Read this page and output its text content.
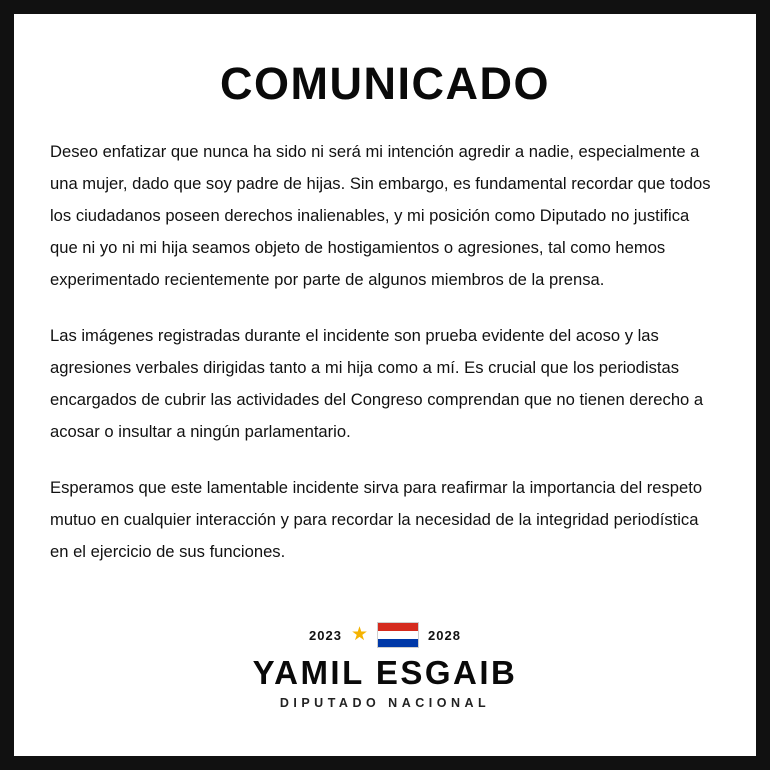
COMUNICADO

Deseo enfatizar que nunca ha sido ni será mi intención agredir a nadie, especialmente a una mujer, dado que soy padre de hijas. Sin embargo, es fundamental recordar que todos los ciudadanos poseen derechos inalienables, y mi posición como Diputado no justifica que ni yo ni mi hija seamos objeto de hostigamientos o agresiones, tal como hemos experimentado recientemente por parte de algunos miembros de la prensa.

Las imágenes registradas durante el incidente son prueba evidente del acoso y las agresiones verbales dirigidas tanto a mi hija como a mí. Es crucial que los periodistas encargados de cubrir las actividades del Congreso comprendan que no tienen derecho a acosar o insultar a ningún parlamentario.

Esperamos que este lamentable incidente sirva para reafirmar la importancia del respeto mutuo en cualquier interacción y para recordar la necesidad de la integridad periodística en el ejercicio de sus funciones.

2023 ★	2028
YAMIL ESGAIB
DIPUTADO NACIONAL
